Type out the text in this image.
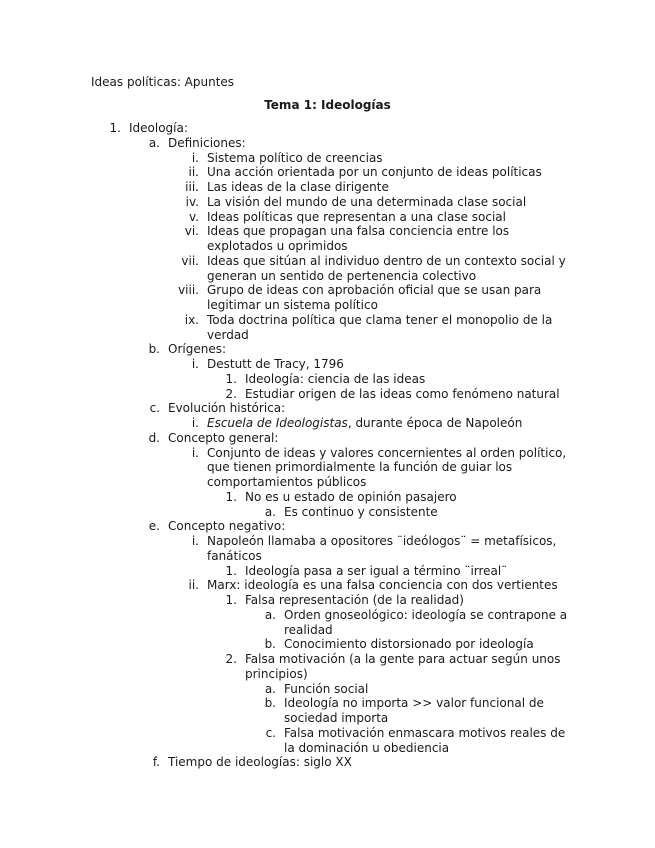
Ideas políticas: Apuntes
Tema 1: Ideologías
1. Ideología:
a. Definiciones:
i. Sistema político de creencias
ii. Una acción orientada por un conjunto de ideas políticas
iii. Las ideas de la clase dirigente
iv. La visión del mundo de una determinada clase social
v. Ideas políticas que representan a una clase social
vi. Ideas que propagan una falsa conciencia entre los
explotados u oprimidos
vii. Ideas que sitúan al individuo dentro de un contexto social y
generan un sentido de pertenencia colectivo
viii. Grupo de ideas con aprobación oficial que se usan para
legitimar un sistema político
ix. Toda doctrina política que clama tener el monopolio de la
verdad
b. Orígenes:
i. Destutt de Tracy, 1796
1. Ideología: ciencia de las ideas
2. Estudiar origen de las ideas como fenómeno natural
c. Evolución histórica:
i. Escuela de Ideologistas, durante época de Napoleón
d. Concepto general:
i. Conjunto de ideas y valores concernientes al orden político,
que tienen primordialmente la función de guiar los
comportamientos públicos
1. No es u estado de opinión pasajero
a. Es continuo y consistente
e. Concepto negativo:
i. Napoleón llamaba a opositores ¨ideólogos¨ = metafísicos,
fanáticos
1. Ideología pasa a ser igual a término ¨irreal¨
ii. Marx: ideología es una falsa conciencia con dos vertientes
1. Falsa representación (de la realidad)
a. Orden gnoseológico: ideología se contrapone a
realidad
b. Conocimiento distorsionado por ideología
2. Falsa motivación (a la gente para actuar según unos
principios)
a. Función social
b. Ideología no importa >> valor funcional de
sociedad importa
c. Falsa motivación enmascara motivos reales de
la dominación u obediencia
f. Tiempo de ideologías: siglo XX
